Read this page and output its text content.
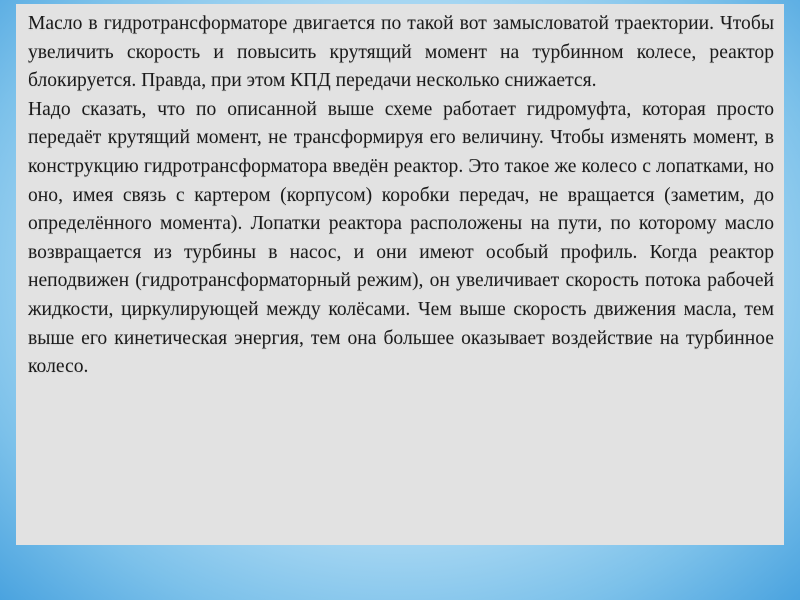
Масло в гидротрансформаторе двигается по такой вот замысловатой траектории. Чтобы увеличить скорость и повысить крутящий момент на турбинном колесе, реактор блокируется. Правда, при этом КПД передачи несколько снижается.

Надо сказать, что по описанной выше схеме работает гидромуфта, которая просто передаёт крутящий момент, не трансформируя его величину. Чтобы изменять момент, в конструкцию гидротрансформатора введён реактор. Это такое же колесо с лопатками, но оно, имея связь с картером (корпусом) коробки передач, не вращается (заметим, до определённого момента). Лопатки реактора расположены на пути, по которому масло возвращается из турбины в насос, и они имеют особый профиль. Когда реактор неподвижен (гидротрансформаторный режим), он увеличивает скорость потока рабочей жидкости, циркулирующей между колёсами. Чем выше скорость движения масла, тем выше его кинетическая энергия, тем она большее оказывает воздействие на турбинное колесо.
